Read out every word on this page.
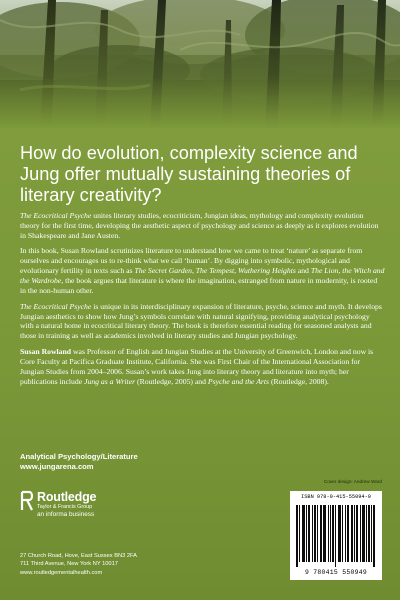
How do evolution, complexity science and Jung offer mutually sustaining theories of literary creativity?

The Ecocritical Psyche unites literary studies, ecocriticism, Jungian ideas, mythology and complexity evolution theory for the first time, developing the aesthetic aspect of psychology and science as deeply as it explores evolution in Shakespeare and Jane Austen.

In this book, Susan Rowland scrutinizes literature to understand how we came to treat ‘nature’ as separate from ourselves and encourages us to re-think what we call ‘human’. By digging into symbolic, mythological and evolutionary fertility in texts such as The Secret Garden, The Tempest, Wuthering Heights and The Lion, the Witch and the Wardrobe, the book argues that literature is where the imagination, estranged from nature in modernity, is rooted in the non-human other.

The Ecocritical Psyche is unique in its interdisciplinary expansion of literature, psyche, science and myth. It develops Jungian aesthetics to show how Jung’s symbols correlate with natural signifying, providing analytical psychology with a natural home in ecocritical literary theory. The book is therefore essential reading for seasoned analysts and those in training as well as academics involved in literary studies and Jungian psychology.

Susan Rowland was Professor of English and Jungian Studies at the University of Greenwich, London and now is Core Faculty at Pacifica Graduate Institute, California. She was First Chair of the International Association for Jungian Studies from 2004–2006. Susan’s work takes Jung into literary theory and literature into myth; her publications include Jung as a Writer (Routledge, 2005) and Psyche and the Arts (Routledge, 2008).

Analytical Psychology/Literature
www.jungarena.com
Routledge
Taylor & Francis Group
an informa business
27 Church Road, Hove, East Sussex BN3 2FA
711 Third Avenue, New York NY 10017
www.routledgementalhealth.com
Cover design: Andrew Ward
ISBN 978-0-415-55094-9
9 780415 550949
